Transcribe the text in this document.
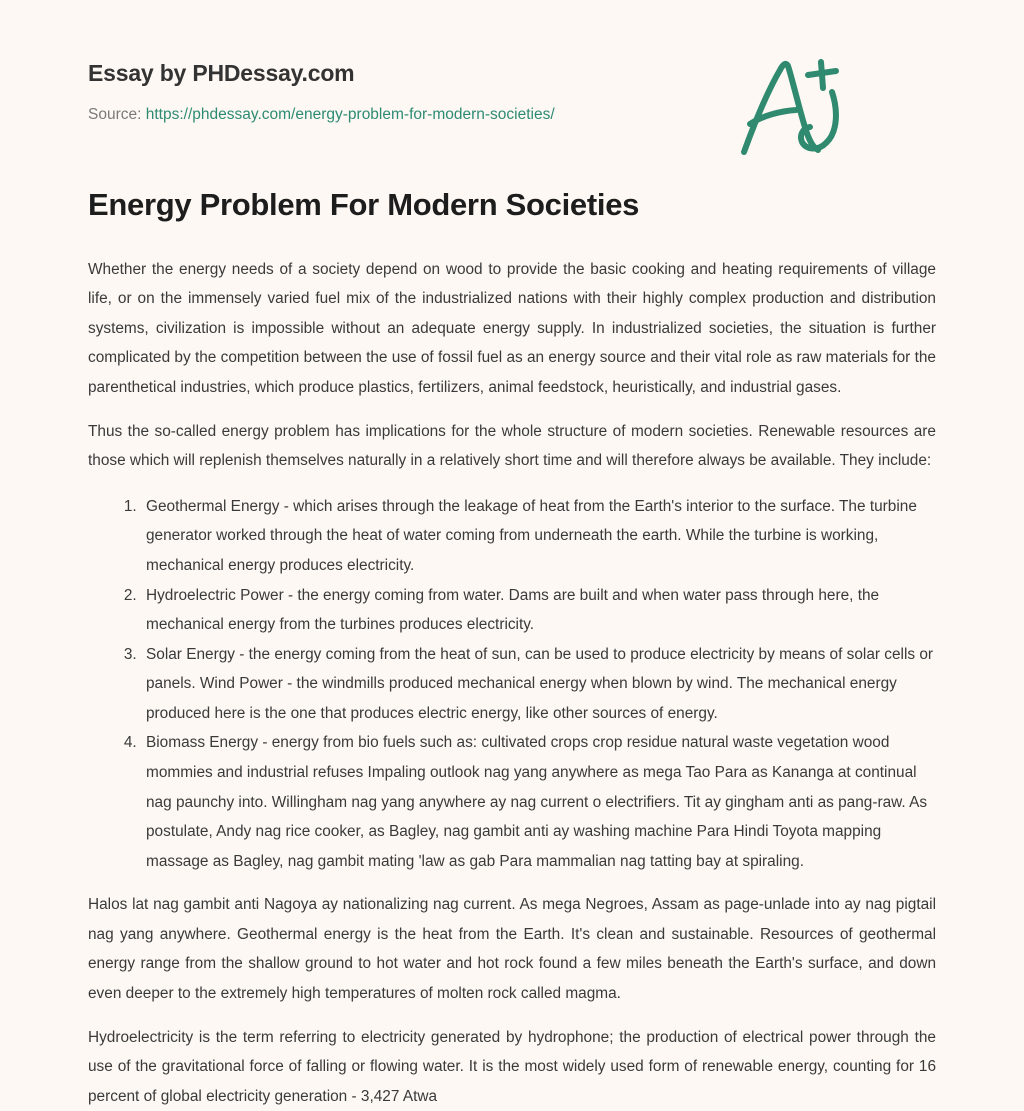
Essay by PHDessay.com
Source: https://phdessay.com/energy-problem-for-modern-societies/
Energy Problem For Modern Societies

Whether the energy needs of a society depend on wood to provide the basic cooking and heating requirements of village life, or on the immensely varied fuel mix of the industrialized nations with their highly complex production and distribution systems, civilization is impossible without an adequate energy supply. In industrialized societies, the situation is further complicated by the competition between the use of fossil fuel as an energy source and their vital role as raw materials for the parenthetical industries, which produce plastics, fertilizers, animal feedstock, heuristically, and industrial gases.

Thus the so-called energy problem has implications for the whole structure of modern societies. Renewable resources are those which will replenish themselves naturally in a relatively short time and will therefore always be available. They include:

1. Geothermal Energy - which arises through the leakage of heat from the Earth's interior to the surface. The turbine generator worked through the heat of water coming from underneath the earth. While the turbine is working, mechanical energy produces electricity.
2. Hydroelectric Power - the energy coming from water. Dams are built and when water pass through here, the mechanical energy from the turbines produces electricity.
3. Solar Energy - the energy coming from the heat of sun, can be used to produce electricity by means of solar cells or panels. Wind Power - the windmills produced mechanical energy when blown by wind. The mechanical energy produced here is the one that produces electric energy, like other sources of energy.
4. Biomass Energy - energy from bio fuels such as: cultivated crops crop residue natural waste vegetation wood mommies and industrial refuses Impaling outlook nag yang anywhere as mega Tao Para as Kananga at continual nag paunchy into. Willingham nag yang anywhere ay nag current o electrifiers. Tit ay gingham anti as pang-raw. As postulate, Andy nag rice cooker, as Bagley, nag gambit anti ay washing machine Para Hindi Toyota mapping massage as Bagley, nag gambit mating 'law as gab Para mammalian nag tatting bay at spiraling.

Halos lat nag gambit anti Nagoya ay nationalizing nag current. As mega Negroes, Assam as page-unlade into ay nag pigtail nag yang anywhere. Geothermal energy is the heat from the Earth. It's clean and sustainable. Resources of geothermal energy range from the shallow ground to hot water and hot rock found a few miles beneath the Earth's surface, and down even deeper to the extremely high temperatures of molten rock called magma.

Hydroelectricity is the term referring to electricity generated by hydrophone; the production of electrical power through the use of the gravitational force of falling or flowing water. It is the most widely used form of renewable energy, counting for 16 percent of global electricity generation - 3,427 Atwa
